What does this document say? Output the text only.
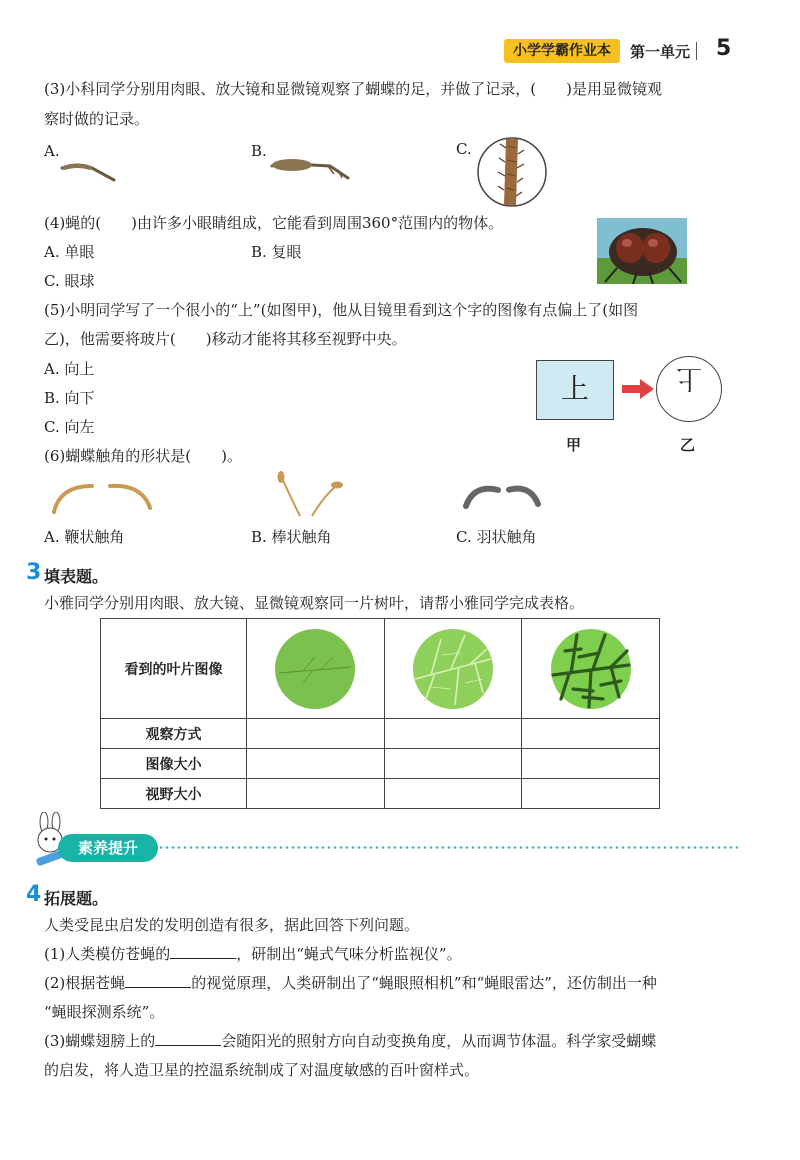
小学学霸作业本	第一单元 5
(3)小科同学分别用肉眼、放大镜和显微镜观察了蝴蝶的足，并做了记录，( )是用显微镜观
察时做的记录。
A.	B.	C.
(4)蝇的( )由许多小眼睛组成，它能看到周围360°范围内的物体。
A. 单眼	B. 复眼
C. 眼球
(5)小明同学写了一个很小的“上”(如图甲)，他从目镜里看到这个字的图像有点偏上了(如图
乙)，他需要将玻片( )移动才能将其移至视野中央。
A. 向上
B. 向下
C. 向左
上	上
甲	乙
(6)蝴蝶触角的形状是( )。
A. 鞭状触角	B. 棒状触角	C. 羽状触角
3 填表题。
小雅同学分别用肉眼、放大镜、显微镜观察同一片树叶，请帮小雅同学完成表格。
看到的叶片图像	

观察方式			
图像大小			
视野大小			
素养提升
4 拓展题。
人类受昆虫启发的发明创造有很多，据此回答下列问题。
(1)人类模仿苍蝇的	，研制出“蝇式气味分析监视仪”。
(2)根据苍蝇	的视觉原理，人类研制出了“蝇眼照相机”和“蝇眼雷达”，还仿制出一种
“蝇眼探测系统”。
(3)蝴蝶翅膀上的	会随阳光的照射方向自动变换角度，从而调节体温。科学家受蝴蝶
的启发，将人造卫星的控温系统制成了对温度敏感的百叶窗样式。
